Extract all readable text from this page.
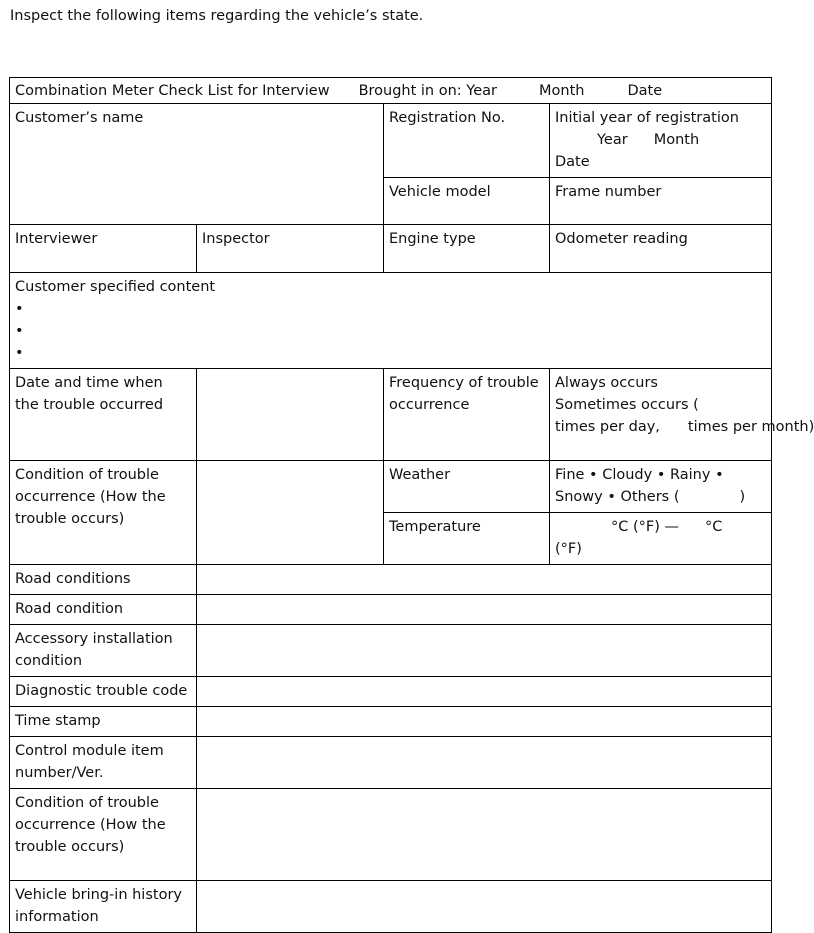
Inspect the following items regarding the vehicle’s state.
Combination Meter Check List for Interview Brought in on: Year Month Date			
Customer’s name		Registration No.	Initial year of registration
Year Month
Date

		Vehicle model	Frame number
Interviewer	Inspector	Engine type	Odometer reading

Customer specified content
•
•
•			

Date and time when the trouble occurred		Frequency of trouble occurrence	Always occurs
Sometimes occurs (
times per day, times per month)

Condition of trouble occurrence (How the trouble occurs)		Weather	Fine • Cloudy • Rainy •
Snowy • Others ( )

		Temperature	°C (°F) — °C
(°F)

Road conditions			
Road condition			
Accessory installation condition			
Diagnostic trouble code			
Time stamp			
Control module item number/Ver.			
Condition of trouble occurrence (How the trouble occurs)			
Vehicle bring-in history information			
